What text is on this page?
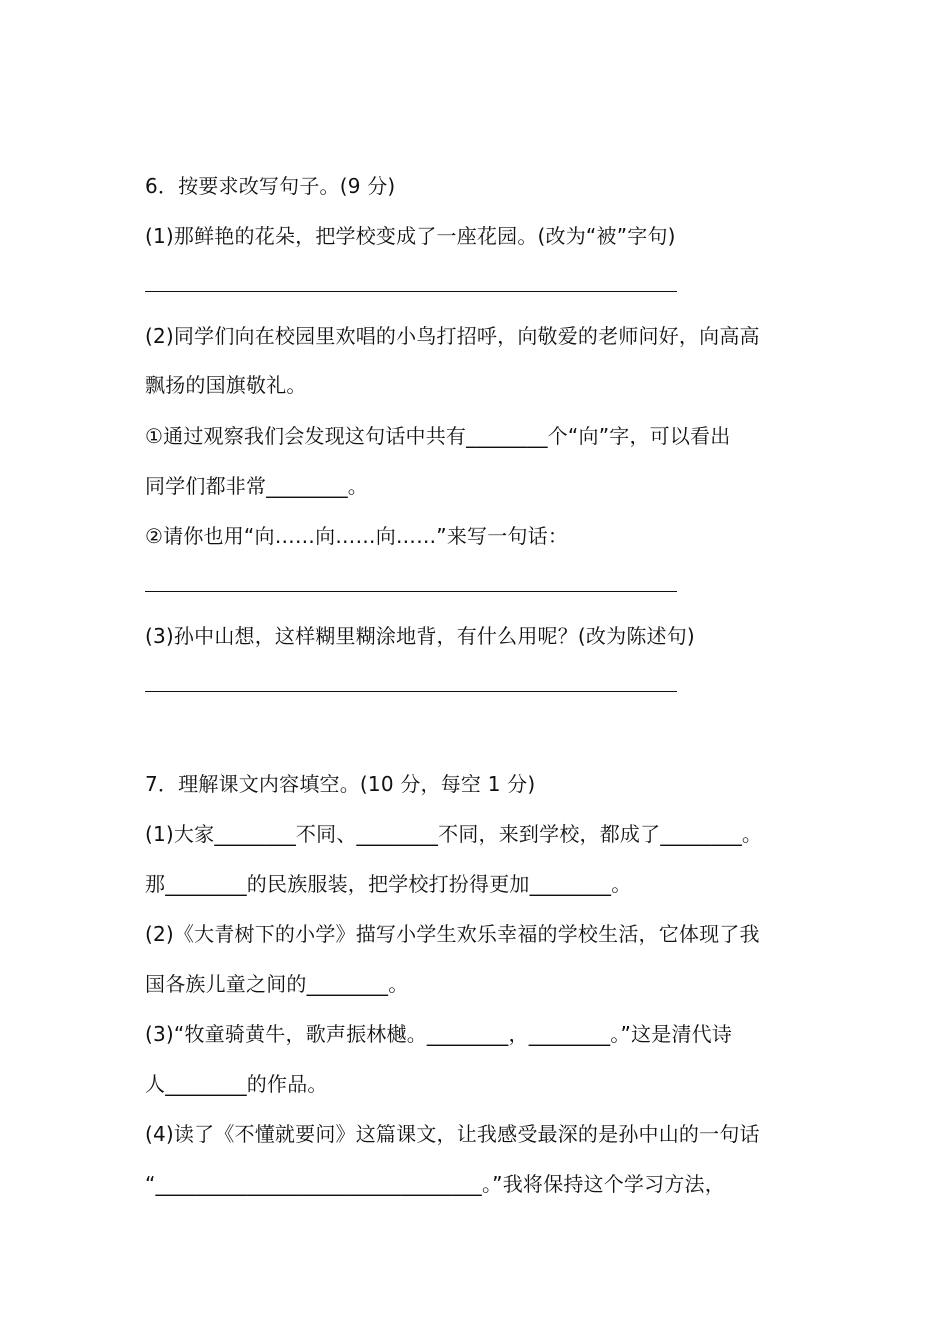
6．按要求改写句子。(9 分)
(1)那鲜艳的花朵，把学校变成了一座花园。(改为“被”字句)
(2)同学们向在校园里欢唱的小鸟打招呼，向敬爱的老师问好，向高高
飘扬的国旗敬礼。
①通过观察我们会发现这句话中共有________个“向”字，可以看出
同学们都非常________。
②请你也用“向……向……向……”来写一句话：
(3)孙中山想，这样糊里糊涂地背，有什么用呢？(改为陈述句)
7．理解课文内容填空。(10 分，每空 1 分)
(1)大家________不同、________不同，来到学校，都成了________。
那________的民族服装，把学校打扮得更加________。
(2)《大青树下的小学》描写小学生欢乐幸福的学校生活，它体现了我
国各族儿童之间的________。
(3)“牧童骑黄牛，歌声振林樾。________，________。”这是清代诗
人________的作品。
(4)读了《不懂就要问》这篇课文，让我感受最深的是孙中山的一句话
“________________________________。”我将保持这个学习方法，
